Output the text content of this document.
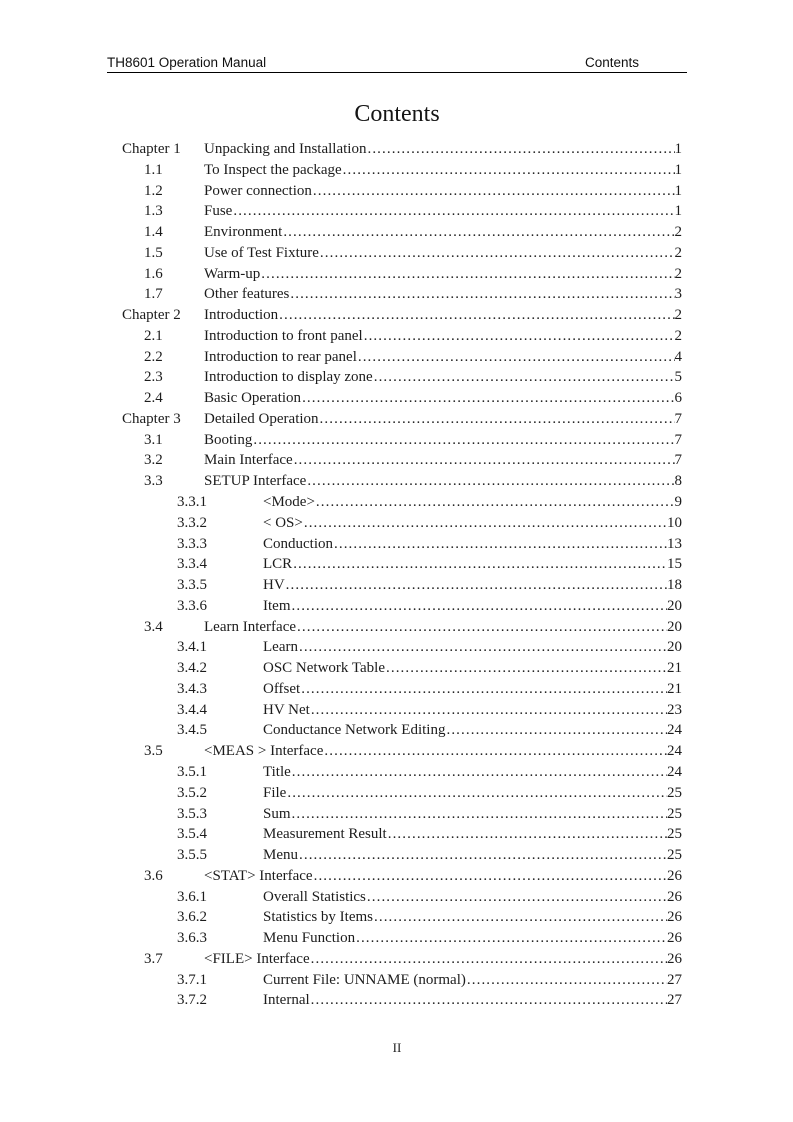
TH8601 Operation Manual	Contents
Contents
Chapter 1	Unpacking and Installation .....	1
1.1	To Inspect the package .....	1
1.2	Power connection .....	1
1.3	Fuse .....	1
1.4	Environment .....	2
1.5	Use of Test Fixture .....	2
1.6	Warm-up .....	2
1.7	Other features .....	3
Chapter 2	Introduction .....	2
2.1	Introduction to front panel .....	2
2.2	Introduction to rear panel .....	4
2.3	Introduction to display zone .....	5
2.4	Basic Operation .....	6
Chapter 3	Detailed Operation .....	7
3.1	Booting .....	7
3.2	Main Interface .....	7
3.3	SETUP Interface .....	8
3.3.1	<Mode> .....	9
3.3.2	< OS> .....	10
3.3.3	Conduction .....	13
3.3.4	LCR .....	15
3.3.5	HV .....	18
3.3.6	Item .....	20
3.4	Learn Interface .....	20
3.4.1	Learn .....	20
3.4.2	OSC Network Table .....	21
3.4.3	Offset .....	21
3.4.4	HV Net .....	23
3.4.5	Conductance Network Editing .....	24
3.5	<MEAS > Interface .....	24
3.5.1	Title .....	24
3.5.2	File .....	25
3.5.3	Sum .....	25
3.5.4	Measurement Result .....	25
3.5.5	Menu .....	25
3.6	<STAT> Interface .....	26
3.6.1	Overall Statistics .....	26
3.6.2	Statistics by Items .....	26
3.6.3	Menu Function .....	26
3.7	<FILE> Interface .....	26
3.7.1	Current File: UNNAME (normal) .....	27
3.7.2	Internal .....	27
II
